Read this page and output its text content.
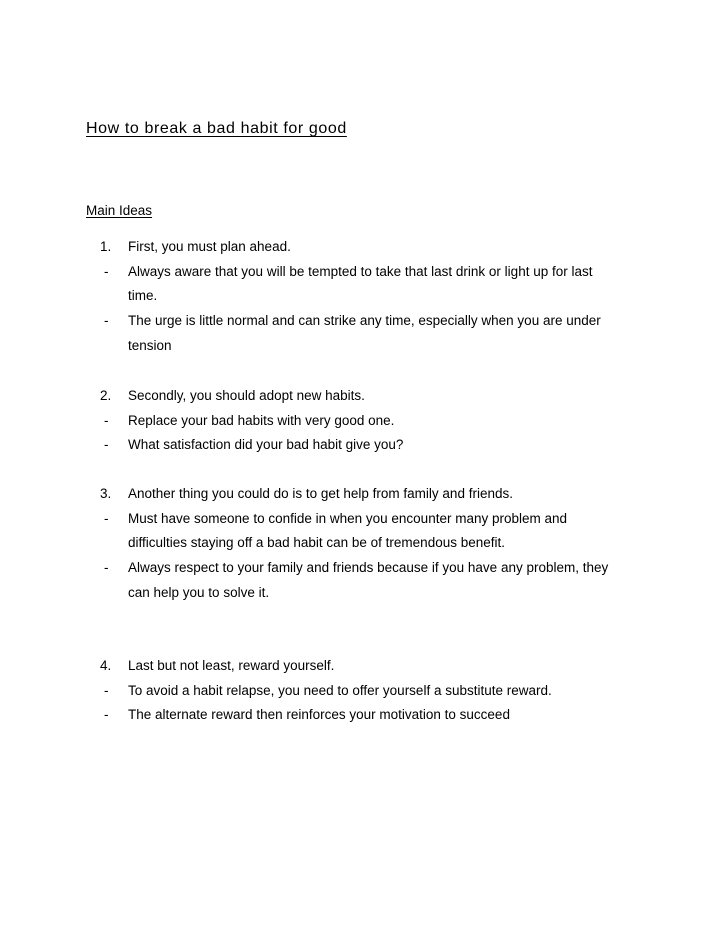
How to break a bad habit for good
Main Ideas
1. First, you must plan ahead.
- Always aware that you will be tempted to take that last drink or light up for last
time.
- The urge is little normal and can strike any time, especially when you are under
tension
2. Secondly, you should adopt new habits.
- Replace your bad habits with very good one.
- What satisfaction did your bad habit give you?
3. Another thing you could do is to get help from family and friends.
- Must have someone to confide in when you encounter many problem and
difficulties staying off a bad habit can be of tremendous benefit.
- Always respect to your family and friends because if you have any problem, they
can help you to solve it.
4. Last but not least, reward yourself.
- To avoid a habit relapse, you need to offer yourself a substitute reward.
- The alternate reward then reinforces your motivation to succeed
